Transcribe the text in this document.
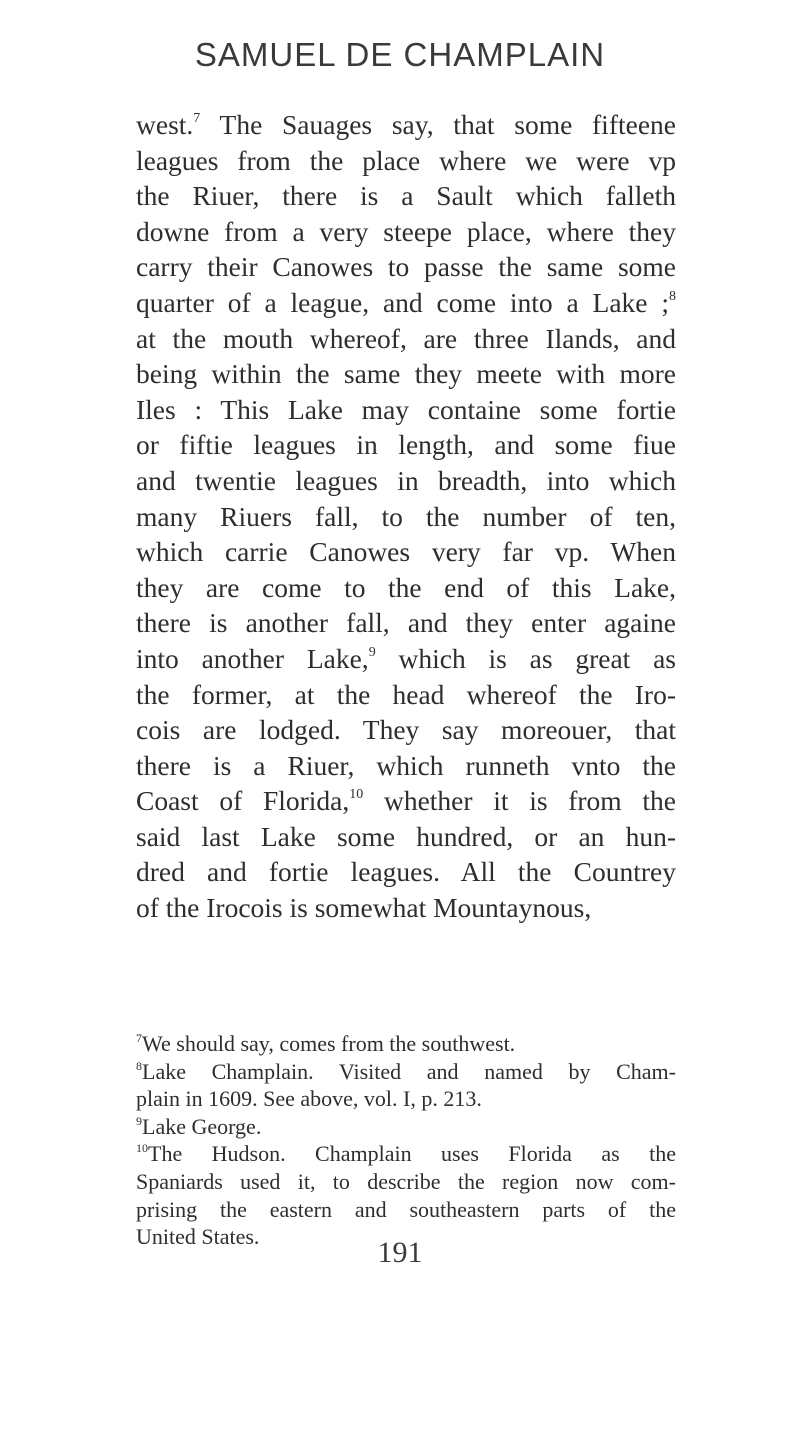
SAMUEL DE CHAMPLAIN
west.$^7$ The Sauages say, that some fifteene
leagues from the place where we were vp
the Riuer, there is a Sault which falleth
downe from a very steepe place, where they
carry their Canowes to passe the same some
quarter of a league, and come into a Lake ;$^8$
at the mouth whereof, are three Ilands, and
being within the same they meete with more
Iles : This Lake may containe some fortie
or fiftie leagues in length, and some fiue
and twentie leagues in breadth, into which
many Riuers fall, to the number of ten,
which carrie Canowes very far vp. When
they are come to the end of this Lake,
there is another fall, and they enter againe
into another Lake,$^9$ which is as great as
the former, at the head whereof the Iro-
cois are lodged. They say moreouer, that
there is a Riuer, which runneth vnto the
Coast of Florida,$^{10}$ whether it is from the
said last Lake some hundred, or an hun-
dred and fortie leagues. All the Countrey
of the Irocois is somewhat Mountaynous,
$^7$We should say, comes from the southwest.
$^8$Lake Champlain. Visited and named by Cham-
plain in 1609. See above, vol. I, p. 213.
$^9$Lake George.
$^{10}$The Hudson. Champlain uses Florida as the
Spaniards used it, to describe the region now com-
prising the eastern and southeastern parts of the
United States.	191
